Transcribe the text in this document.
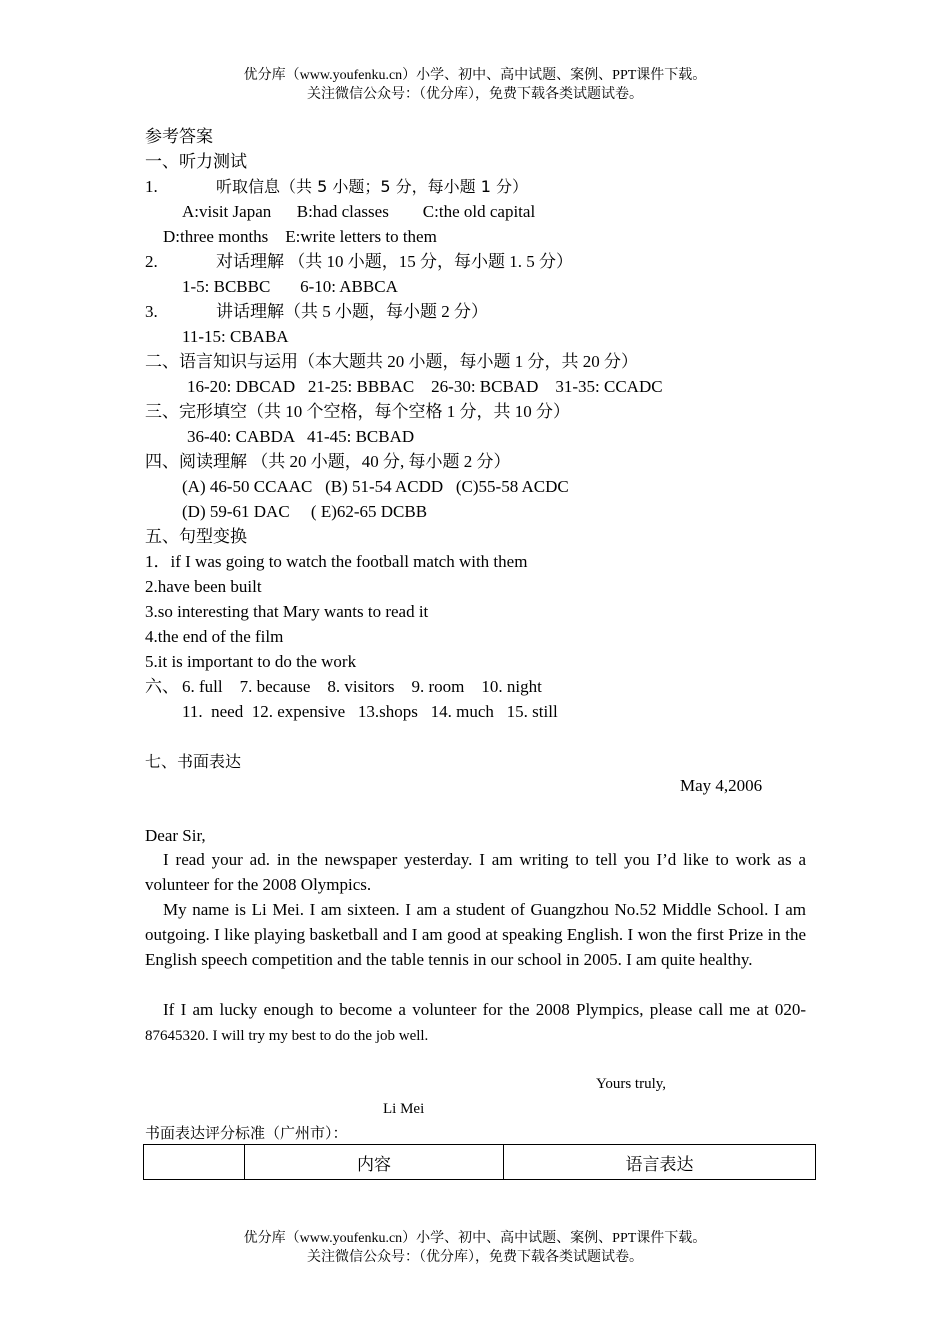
优分库（www.youfenku.cn）小学、初中、高中试题、案例、PPT课件下载。
关注微信公众号：（优分库），免费下载各类试题试卷。
参考答案
一、听力测试
1.	听取信息（共 5 小题；5 分，每小题 1 分）
A:visit Japan      B:had classes        C:the old capital
D:three months    E:write letters to them
2.	对话理解 （共 10 小题，15 分，每小题 1. 5 分）
1-5: BCBBC       6-10: ABBCA
3.	讲话理解（共 5 小题，每小题 2 分）
11-15: CBABA
二、语言知识与运用（本大题共 20 小题，每小题 1 分，共 20 分）
16-20: DBCAD   21-25: BBBAC    26-30: BCBAD    31-35: CCADC
三、完形填空（共 10 个空格，每个空格 1 分，共 10 分）
36-40: CABDA   41-45: BCBAD
四、阅读理解 （共 20 小题，40 分, 每小题 2 分）
(A) 46-50 CCAAC   (B) 51-54 ACDD   (C)55-58 ACDC
(D) 59-61 DAC     ( E)62-65 DCBB
五、句型变换
1．if I was going to watch the football match with them
2.have been built
3.so interesting that Mary wants to read it
4.the end of the film
5.it is important to do the work
六、 6. full    7. because    8. visitors    9. room    10. night
11.  need  12. expensive   13.shops   14. much   15. still
七、书面表达
May 4,2006
Dear Sir,
I read your ad. in the newspaper yesterday. I am writing to tell you I’d like to work as a volunteer for the 2008 Olympics.
My name is Li Mei. I am sixteen. I am a student of Guangzhou No.52 Middle School. I am outgoing. I like playing basketball and I am good at speaking English. I won the first Prize in the English speech competition and the table tennis in our school in 2005. I am quite healthy.
If I am lucky enough to become a volunteer for the 2008 Plympics, please call me at 020-87645320. I will try my best to do the job well.
Yours truly,
Li Mei
书面表达评分标准（广州市）：
	内容	语言表达
优分库（www.youfenku.cn）小学、初中、高中试题、案例、PPT课件下载。
关注微信公众号：（优分库），免费下载各类试题试卷。
